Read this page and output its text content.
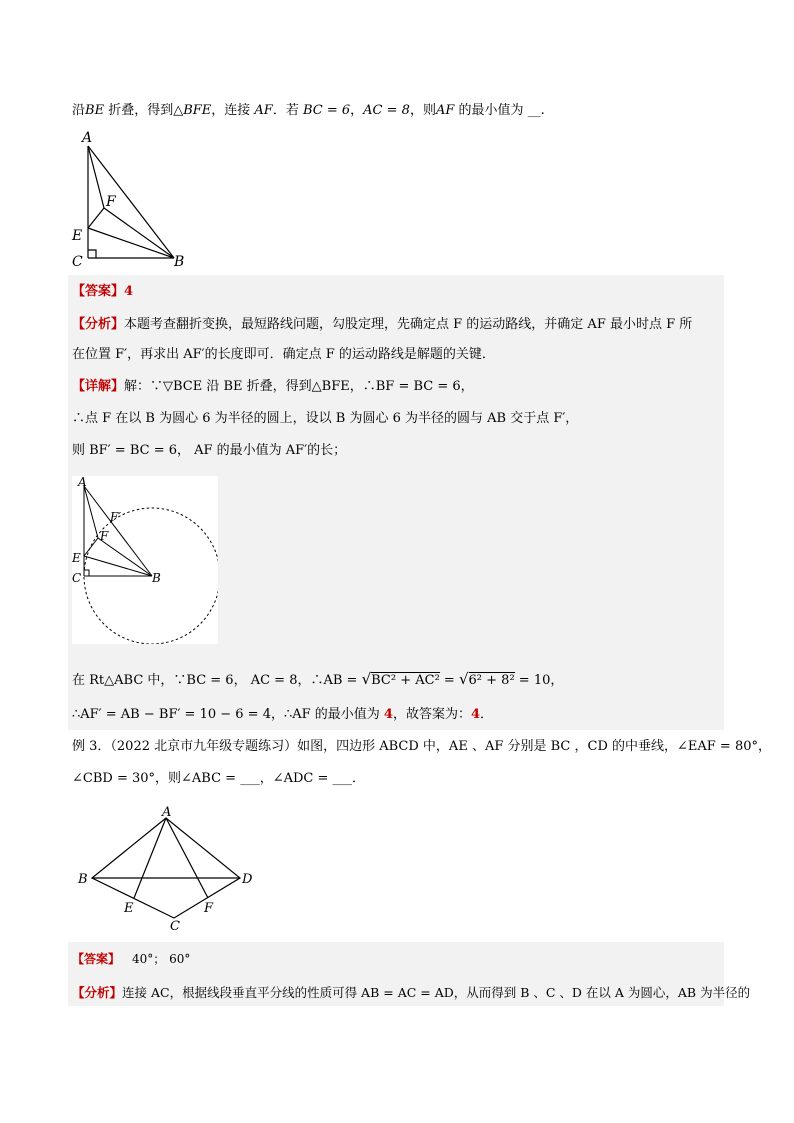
沿BE 折叠，得到△BFE，连接 AF．若 BC = 6，AC = 8，则AF 的最小值为 __.
A
F
E
C	B
【答案】4
【分析】本题考查翻折变换，最短路线问题，勾股定理，先确定点 F 的运动路线，并确定 AF 最小时点 F 所
在位置 F′，再求出 AF′的长度即可．确定点 F 的运动路线是解题的关键．
【详解】解：∵▽BCE 沿 BE 折叠，得到△BFE，∴BF = BC = 6，
∴点 F 在以 B 为圆心 6 为半径的圆上，设以 B 为圆心 6 为半径的圆与 AB 交于点 F′，
则 BF′ = BC = 6， AF 的最小值为 AF′的长；
A
F′
F
E
C	B
在 Rt△ABC 中，∵BC = 6， AC = 8，∴AB = √BC² + AC² = √6² + 8² = 10，
∴AF′ = AB − BF′ = 10 − 6 = 4，∴AF 的最小值为 4，故答案为：4．
例 3．（2022 北京市九年级专题练习）如图，四边形 ABCD 中，AE 、AF 分别是 BC ，CD 的中垂线，∠EAF = 80°，
∠CBD = 30°，则∠ABC = ___，∠ADC = ___．
A
B	D
E
C
F
【答案】 40°； 60°
【分析】连接 AC，根据线段垂直平分线的性质可得 AB = AC = AD，从而得到 B 、C 、D 在以 A 为圆心，AB 为半径的
